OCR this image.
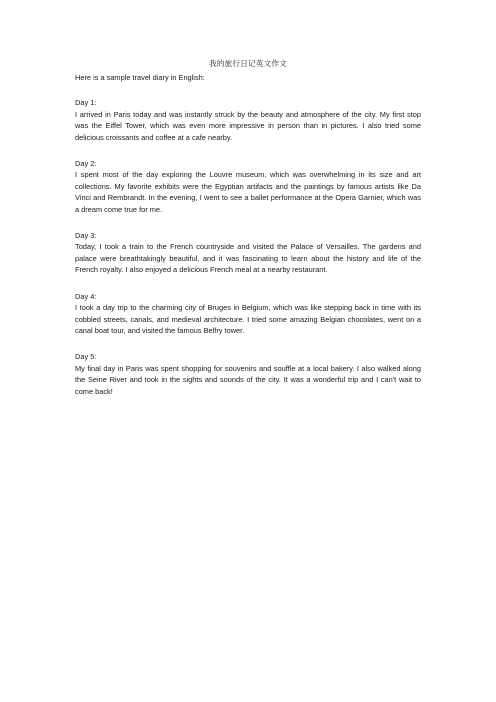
我的旅行日记英文作文

Here is a sample travel diary in English:

Day 1:

I arrived in Paris today and was instantly struck by the beauty and atmosphere of the city. My first stop was the Eiffel Tower, which was even more impressive in person than in pictures. I also tried some delicious croissants and coffee at a cafe nearby.

Day 2:

I spent most of the day exploring the Louvre museum, which was overwhelming in its size and art collections. My favorite exhibits were the Egyptian artifacts and the paintings by famous artists like Da Vinci and Rembrandt. In the evening, I went to see a ballet performance at the Opera Garnier, which was a dream come true for me.

Day 3:

Today, I took a train to the French countryside and visited the Palace of Versailles. The gardens and palace were breathtakingly beautiful, and it was fascinating to learn about the history and life of the French royalty. I also enjoyed a delicious French meal at a nearby restaurant.

Day 4:

I took a day trip to the charming city of Bruges in Belgium, which was like stepping back in time with its cobbled streets, canals, and medieval architecture. I tried some amazing Belgian chocolates, went on a canal boat tour, and visited the famous Belfry tower.

Day 5:

My final day in Paris was spent shopping for souvenirs and souffle at a local bakery. I also walked along the Seine River and took in the sights and sounds of the city. It was a wonderful trip and I can't wait to come back!
